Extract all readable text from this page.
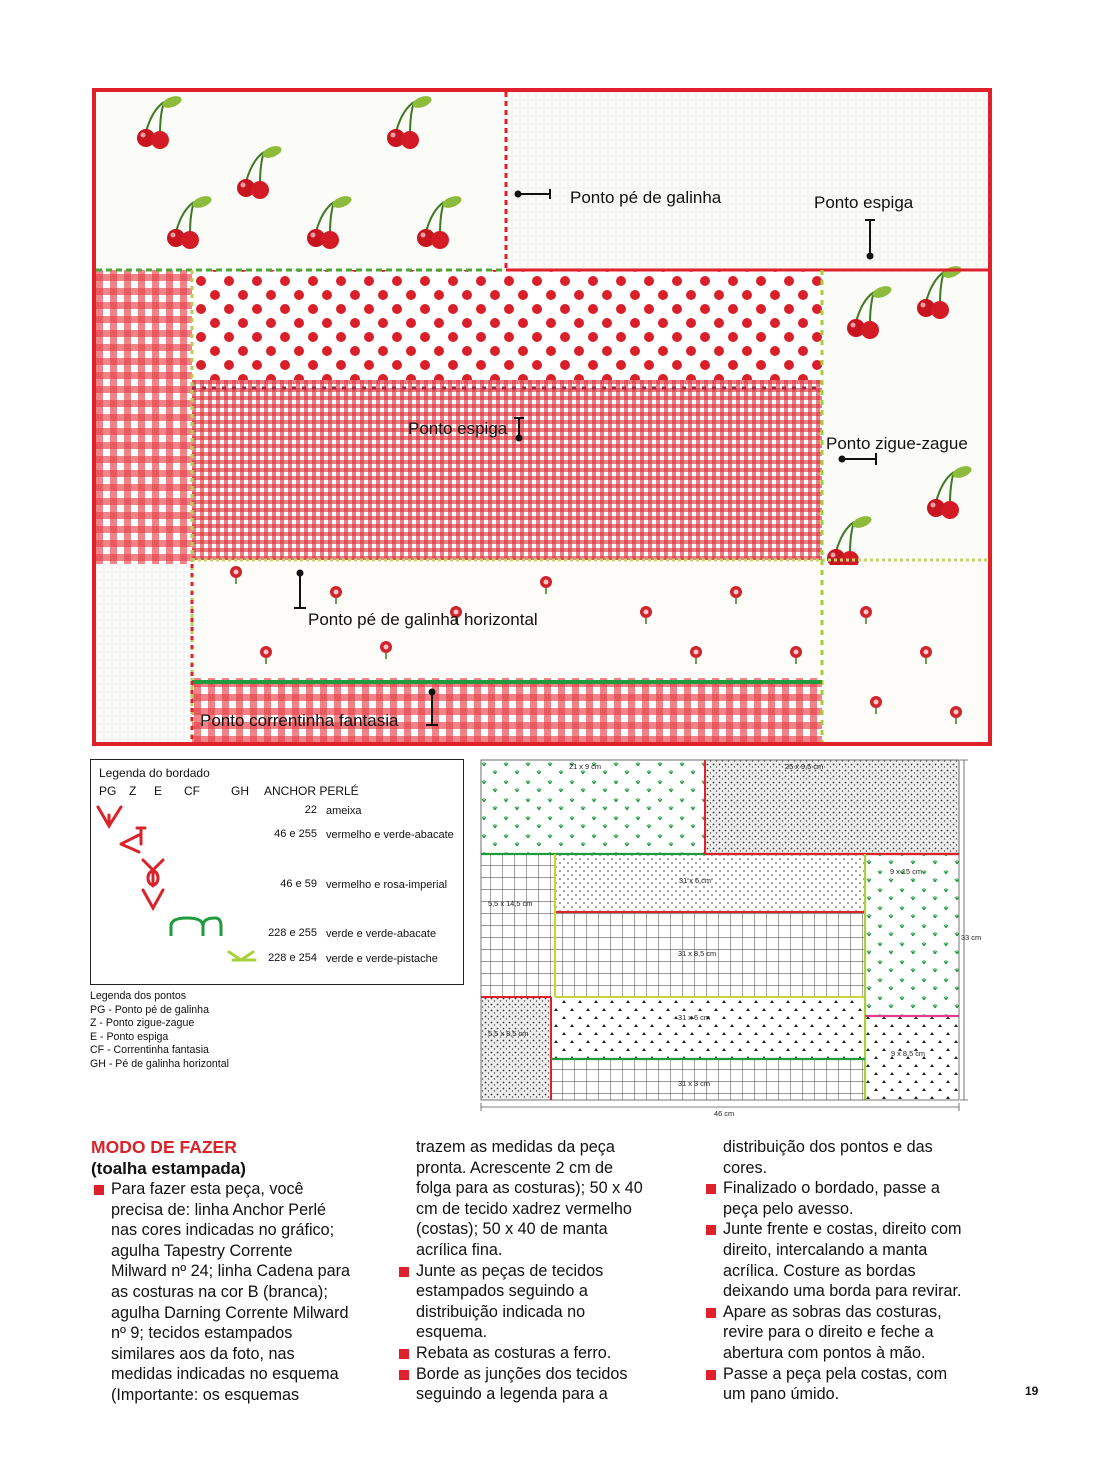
Ponto pé de galinha	Ponto espiga
Ponto espiga
Ponto zigue-zague
Ponto pé de galinha horizontal
Ponto correntinha fantasia
Legenda do bordado
PG Z E CF	GH ANCHOR PERLÉ
22 ameixa
46 e 255 vermelho e verde-abacate
46 e 59 vermelho e rosa-imperial
228 e 255 verde e verde-abacate
228 e 254 verde e verde-pistache
Legenda dos pontos
PG - Ponto pé de galinha
Z - Ponto zigue-zague
E - Ponto espiga
CF - Correntinha fantasia
GH - Pé de galinha horizontal
21 x 9 cm	25 x 9,5 cm
31 x 6 cm
9 x 15 cm
5,5 x 14,5 cm
31 x 8,5 cm
33 cm
31 x 6 cm
5,5 x 8,5 cm
9 x 8,5 cm
31 x 3 cm
46 cm

MODO DE FAZER

(toalha estampada)

Para fazer esta peça, você

precisa de: linha Anchor Perlé

nas cores indicadas no gráfico;

agulha Tapestry Corrente

Milward nº 24; linha Cadena para

as costuras na cor B (branca);

agulha Darning Corrente Milward

nº 9; tecidos estampados

similares aos da foto, nas

medidas indicadas no esquema

(Importante: os esquemas

trazem as medidas da peça

pronta. Acrescente 2 cm de

folga para as costuras); 50 x 40

cm de tecido xadrez vermelho

(costas); 50 x 40 de manta

acrílica fina.

Junte as peças de tecidos

estampados seguindo a

distribuição indicada no

esquema.

Rebata as costuras a ferro.

Borde as junções dos tecidos

seguindo a legenda para a

distribuição dos pontos e das

cores.

Finalizado o bordado, passe a

peça pelo avesso.

Junte frente e costas, direito com

direito, intercalando a manta

acrílica. Costure as bordas

deixando uma borda para revirar.

Apare as sobras das costuras,

revire para o direito e feche a

abertura com pontos à mão.

Passe a peça pela costas, com

um pano úmido.	19
